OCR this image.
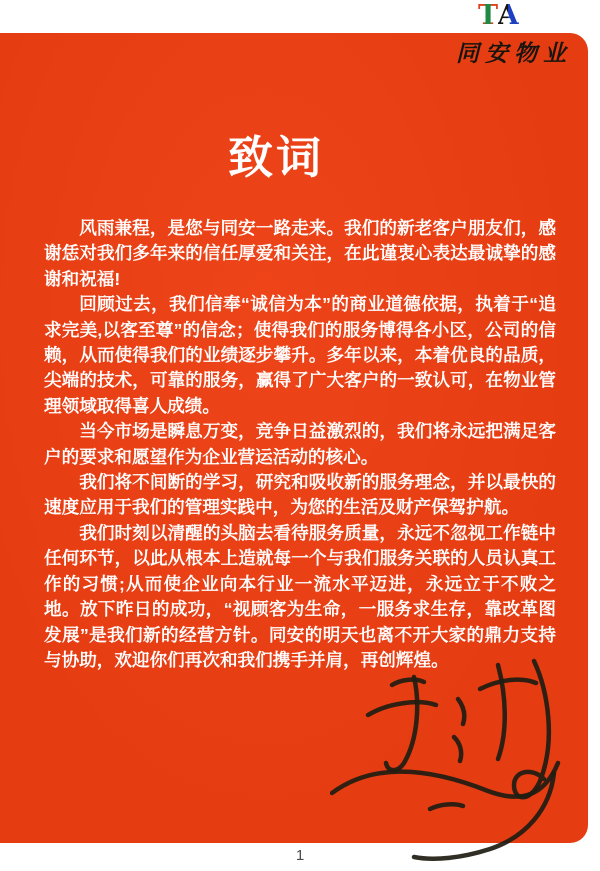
TA
同安物业
致词

风雨兼程，是您与同安一路走来。我们的新老客户朋友们，感谢恁对我们多年来的信任厚爱和关注，在此谨衷心表达最诚挚的感谢和祝福!

回顾过去，我们信奉“诚信为本”的商业道德依据，执着于“追求完美,以客至尊”的信念；使得我们的服务博得各小区，公司的信赖，从而使得我们的业绩逐步攀升。多年以来，本着优良的品质，尖端的技术，可靠的服务，赢得了广大客户的一致认可，在物业管理领域取得喜人成绩。

当今市场是瞬息万变，竞争日益激烈的，我们将永远把满足客户的要求和愿望作为企业营运活动的核心。

我们将不间断的学习，研究和吸收新的服务理念，并以最快的速度应用于我们的管理实践中，为您的生活及财产保驾护航。

我们时刻以清醒的头脑去看待服务质量，永远不忽视工作链中任何环节，以此从根本上造就每一个与我们服务关联的人员认真工作的习惯;从而使企业向本行业一流水平迈进，永远立于不败之地。放下昨日的成功，“视顾客为生命，一服务求生存，靠改革图发展”是我们新的经营方针。同安的明天也离不开大家的鼎力支持与协助，欢迎你们再次和我们携手并肩，再创辉煌。

1
